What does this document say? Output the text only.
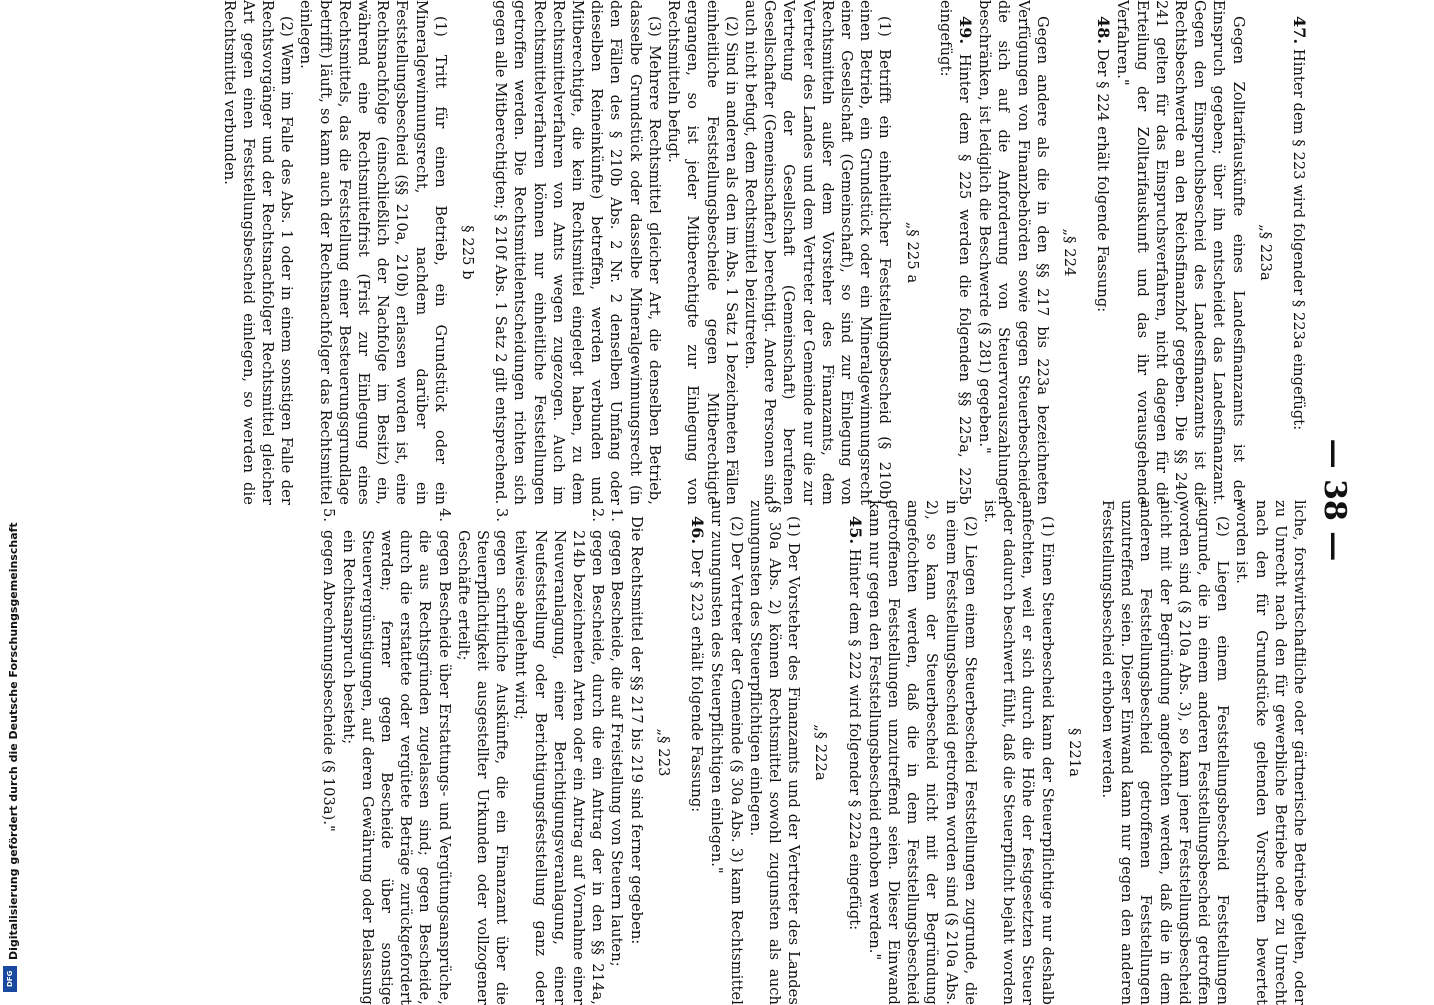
— 38 —

liche, forstwirtschaftliche oder gärtnerische Betriebe gelten, oder zu Unrecht nach den für gewerbliche Betriebe oder zu Unrecht nach den für Grundstücke geltenden Vorschriften bewertet worden ist.

(2) Liegen einem Feststellungsbescheid Feststellungen zugrunde, die in einem anderen Feststellungsbescheid getroffen worden sind (§ 210a Abs. 3), so kann jener Feststellungsbescheid nicht mit der Begründung angefochten werden, daß die in dem anderen Feststellungsbescheid getroffenen Feststellungen unzutreffend seien. Dieser Einwand kann nur gegen den anderen Feststellungsbescheid erhoben werden.

§ 221a

(1) Einen Steuerbescheid kann der Steuerpflichtige nur deshalb anfechten, weil er sich durch die Höhe der festgesetzten Steuer oder dadurch beschwert fühlt, daß die Steuerpflicht bejaht worden ist.

(2) Liegen einem Steuerbescheid Feststellungen zugrunde, die in einem Feststellungsbescheid getroffen worden sind (§ 210a Abs. 2), so kann der Steuerbescheid nicht mit der Begründung angefochten werden, daß die in dem Feststellungsbescheid getroffenen Feststellungen unzutreffend seien. Dieser Einwand kann nur gegen den Feststellungsbescheid erhoben werden."

45. Hinter dem § 222 wird folgender § 222a eingefügt:

„§ 222a

(1) Der Vorsteher des Finanzamts und der Vertreter des Landes (§ 30a Abs. 2) können Rechtsmittel sowohl zugunsten als auch zuungunsten des Steuerpflichtigen einlegen.

(2) Der Vertreter der Gemeinde (§ 30a Abs. 3) kann Rechtsmittel nur zuungunsten des Steuerpflichtigen einlegen."

46. Der § 223 erhält folgende Fassung:

„§ 223

Die Rechtsmittel der §§ 217 bis 219 sind ferner gegeben:

1.
gegen Bescheide, die auf Freistellung von Steuern lauten;
2.
gegen Bescheide, durch die ein Antrag der in den §§ 214a, 214b bezeichneten Arten oder ein Antrag auf Vornahme einer Neuveranlagung, einer Berichtigungsveranlagung, einer Neufeststellung oder Berichtigungsfeststellung ganz oder teilweise abgelehnt wird;
3.
gegen schriftliche Auskünfte, die ein Finanzamt über die Steuerpflichtigkeit ausgestellter Urkunden oder vollzogener Geschäfte erteilt;
4.
gegen Bescheide über Erstattungs- und Vergütungsansprüche, die aus Rechtsgründen zugelassen sind; gegen Bescheide, durch die erstattete oder vergütete Beträge zurückgefordert werden; ferner gegen Bescheide über sonstige Steuervergünstigungen, auf deren Gewährung oder Belassung ein Rechtsanspruch besteht;
5.
gegen Abrechnungsbescheide (§ 103a)."

47. Hinter dem § 223 wird folgender § 223a eingefügt:

„§ 223a

Gegen Zolltarifauskünfte eines Landesfinanzamts ist der Einspruch gegeben; über ihn entscheidet das Landesfinanzamt. Gegen den Einspruchsbescheid des Landesfinanzamts ist die Rechtsbeschwerde an den Reichsfinanzhof gegeben. Die §§ 240, 241 gelten für das Einspruchsverfahren, nicht dagegen für die Erteilung der Zolltarifauskunft und das ihr vorausgehende Verfahren."

48. Der § 224 erhält folgende Fassung:

„§ 224

Gegen andere als die in den §§ 217 bis 223a bezeichneten Verfügungen von Finanzbehörden sowie gegen Steuerbescheide, die sich auf die Anforderung von Steuervorauszahlungen beschränken, ist lediglich die Beschwerde (§ 281) gegeben."

49. Hinter dem § 225 werden die folgenden §§ 225a, 225b eingefügt:

„§ 225 a

(1) Betrifft ein einheitlicher Feststellungsbescheid (§ 210b) einen Betrieb, ein Grundstück oder ein Mineralgewinnungsrecht einer Gesellschaft (Gemeinschaft), so sind zur Einlegung von Rechtsmitteln außer dem Vorsteher des Finanzamts, dem Vertreter des Landes und dem Vertreter der Gemeinde nur die zur Vertretung der Gesellschaft (Gemeinschaft) berufenen Gesellschafter (Gemeinschafter) berechtigt. Andere Personen sind auch nicht befugt, dem Rechtsmittel beizutreten.

(2) Sind in anderen als den im Abs. 1 Satz 1 bezeichneten Fällen einheitliche Feststellungsbescheide gegen Mitberechtigte ergangen, so ist jeder Mitberechtigte zur Einlegung von Rechtsmitteln befugt.

(3) Mehrere Rechtsmittel gleicher Art, die denselben Betrieb, dasselbe Grundstück oder dasselbe Mineralgewinnungsrecht (in den Fällen des § 210b Abs. 2 Nr. 2 denselben Umfang oder dieselben Reineinkünfte) betreffen, werden verbunden und Mitberechtigte, die kein Rechtsmittel eingelegt haben, zu dem Rechtsmittelverfahren von Amts wegen zugezogen. Auch im Rechtsmittelverfahren können nur einheitliche Feststellungen getroffen werden. Die Rechtsmittelentscheidungen richten sich gegen alle Mitberechtigten; § 210f Abs. 1 Satz 2 gilt entsprechend.

§ 225 b

(1) Tritt für einen Betrieb, ein Grundstück oder ein Mineralgewinnungsrecht, nachdem darüber ein Feststellungsbescheid (§§ 210a, 210b) erlassen worden ist, eine Rechtsnachfolge (einschließlich der Nachfolge im Besitz) ein, während eine Rechtsmittelfrist (Frist zur Einlegung eines Rechtsmittels, das die Feststellung einer Besteuerungsgrundlage betrifft) läuft, so kann auch der Rechtsnachfolger das Rechtsmittel einlegen.

(2) Wenn im Falle des Abs. 1 oder in einem sonstigen Falle der Rechtsvorgänger und der Rechtsnachfolger Rechtsmittel gleicher Art gegen einen Feststellungsbescheid einlegen, so werden die Rechtsmittel verbunden.

Digitalisierung gefördert durch die Deutsche Forschungsgemeinschaft
DFG
